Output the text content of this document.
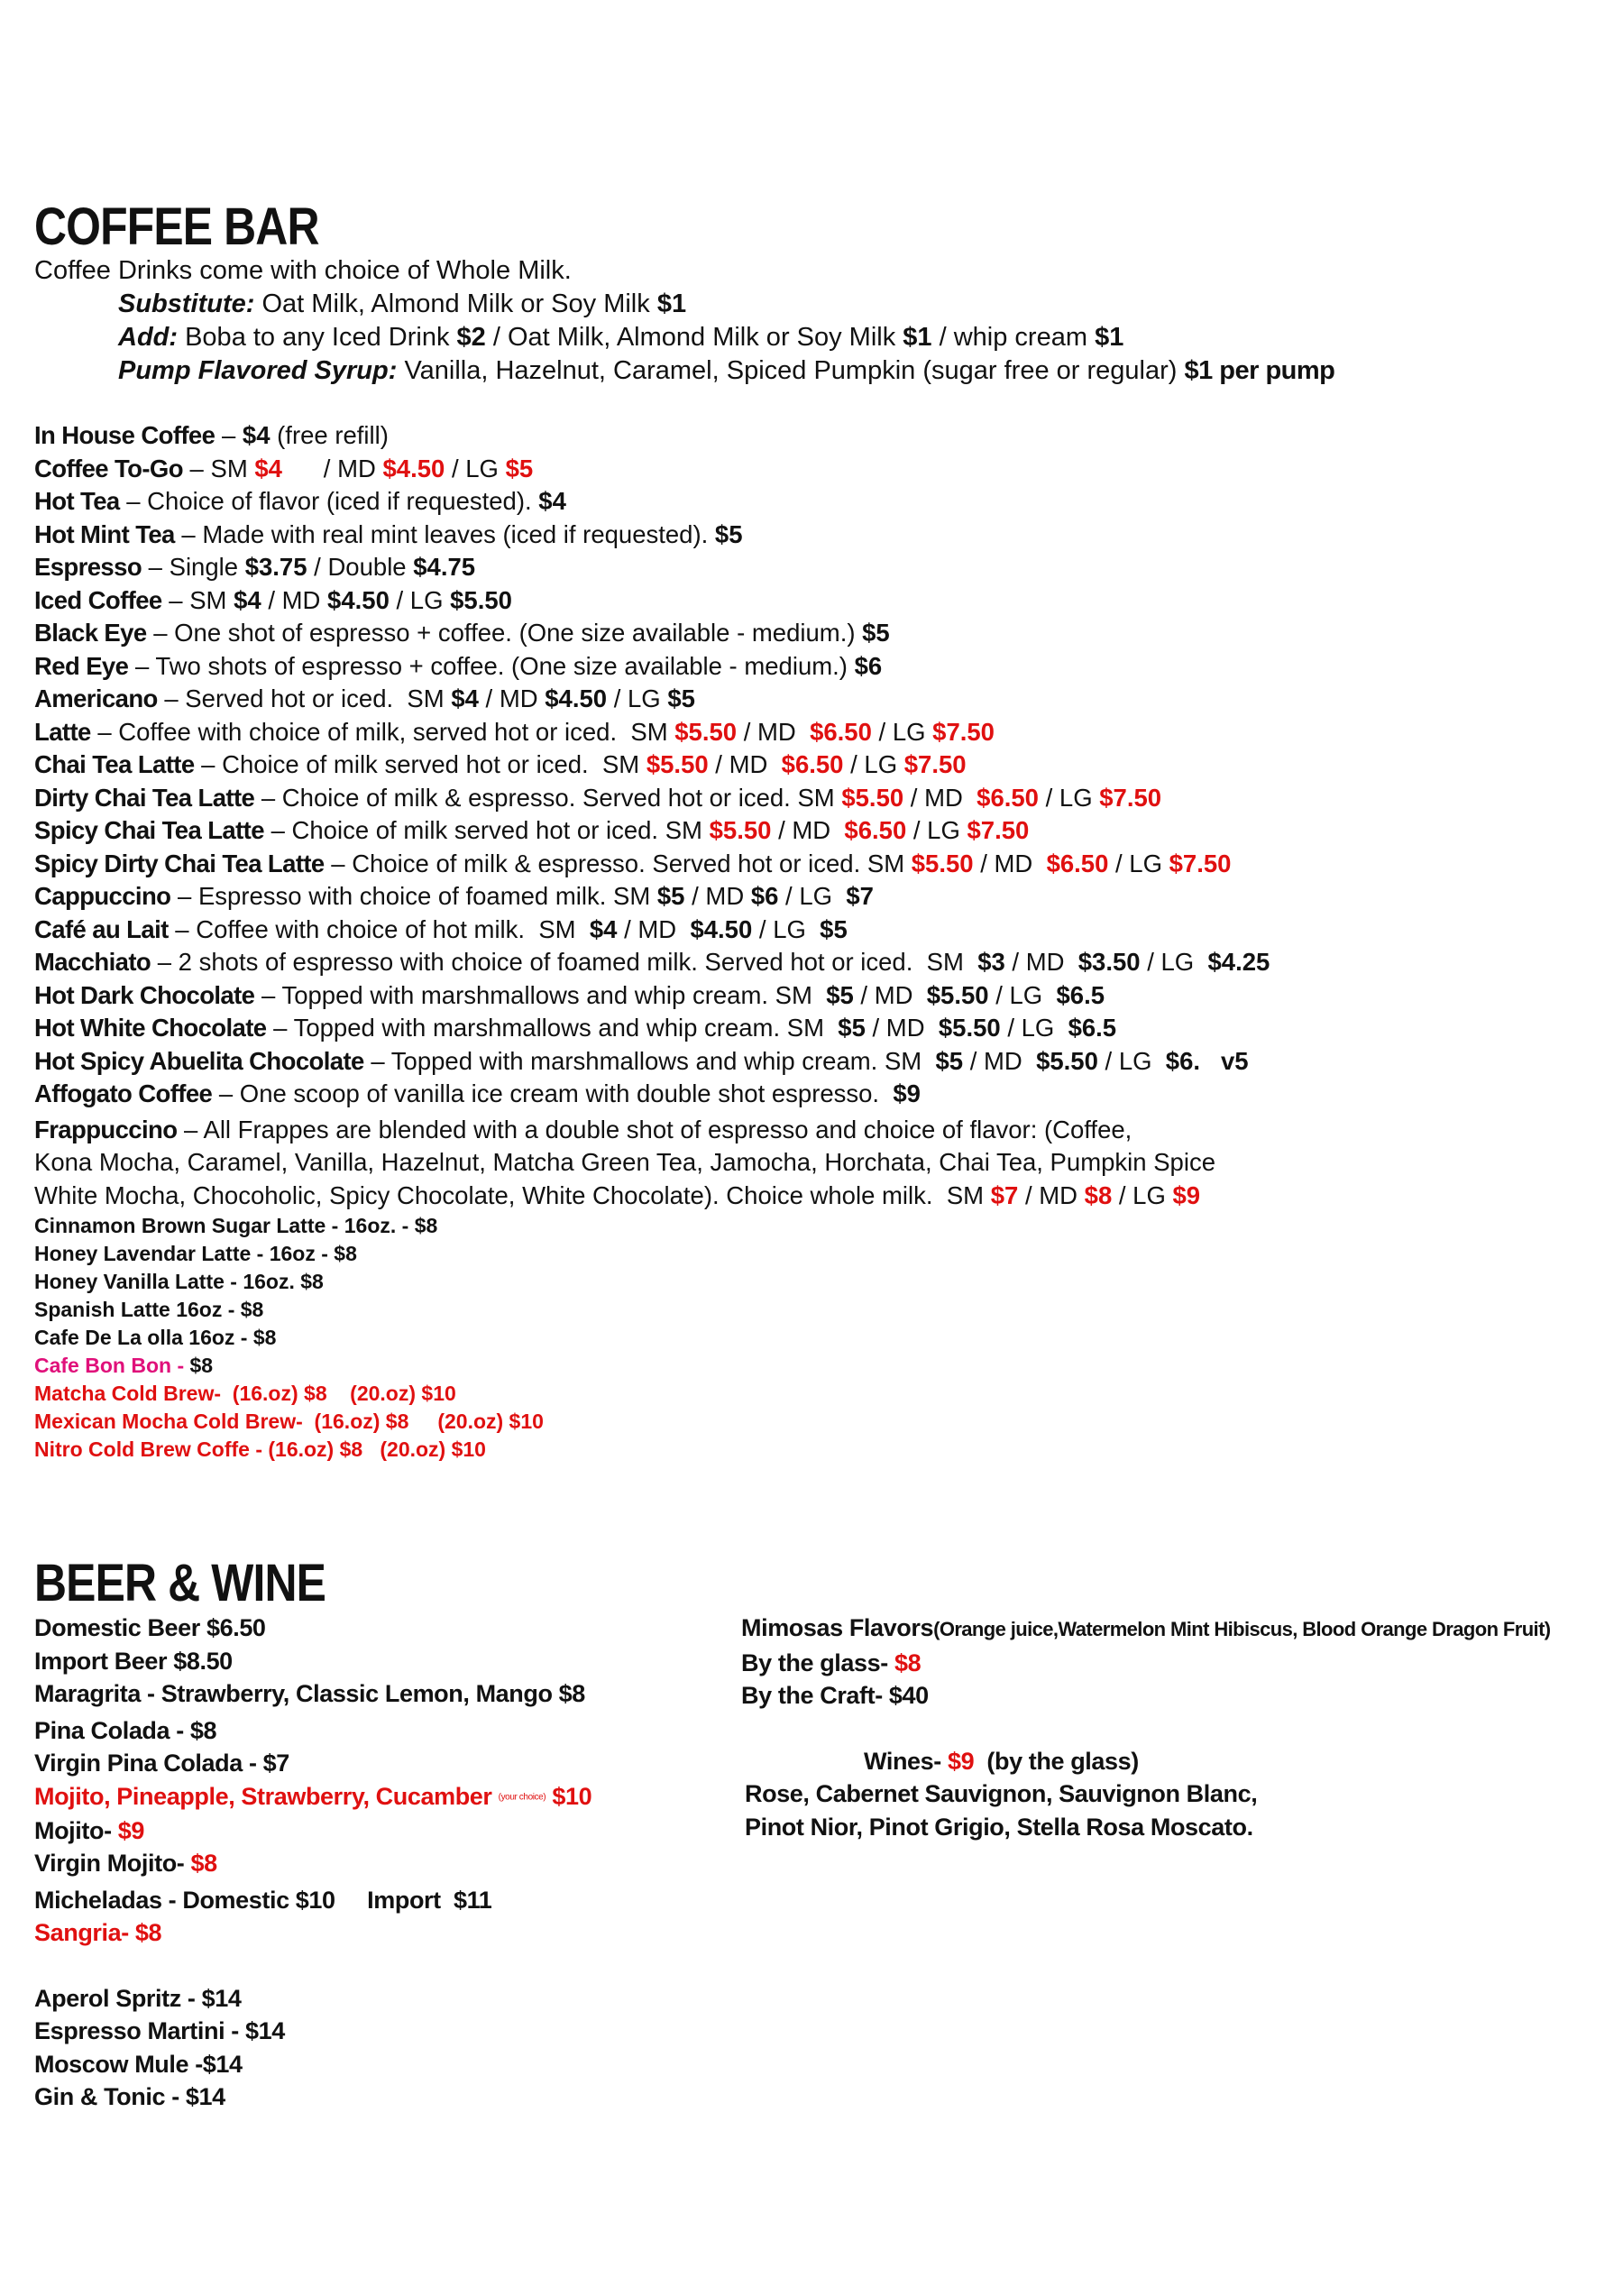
COFFEE BAR
Coffee Drinks come with choice of Whole Milk.
Substitute: Oat Milk, Almond Milk or Soy Milk $1
Add: Boba to any Iced Drink $2 / Oat Milk, Almond Milk or Soy Milk $1 / whip cream $1
Pump Flavored Syrup: Vanilla, Hazelnut, Caramel, Spiced Pumpkin (sugar free or regular) $1 per pump
In House Coffee – $4 (free refill)
Coffee To-Go – SM $4      / MD $4.50 / LG $5
Hot Tea – Choice of flavor (iced if requested). $4
Hot Mint Tea – Made with real mint leaves (iced if requested). $5
Espresso – Single $3.75 / Double $4.75
Iced Coffee – SM $4 / MD $4.50 / LG $5.50
Black Eye – One shot of espresso + coffee. (One size available - medium.) $5
Red Eye – Two shots of espresso + coffee. (One size available - medium.) $6
Americano – Served hot or iced.  SM $4 / MD $4.50 / LG $5
Latte – Coffee with choice of milk, served hot or iced.  SM $5.50 / MD  $6.50 / LG $7.50
Chai Tea Latte – Choice of milk served hot or iced.  SM $5.50 / MD  $6.50 / LG $7.50
Dirty Chai Tea Latte – Choice of milk & espresso. Served hot or iced. SM $5.50 / MD  $6.50 / LG $7.50
Spicy Chai Tea Latte – Choice of milk served hot or iced. SM $5.50 / MD  $6.50 / LG $7.50
Spicy Dirty Chai Tea Latte – Choice of milk & espresso. Served hot or iced. SM $5.50 / MD  $6.50 / LG $7.50
Cappuccino – Espresso with choice of foamed milk. SM $5 / MD $6 / LG  $7
Café au Lait – Coffee with choice of hot milk.  SM  $4 / MD  $4.50 / LG  $5
Macchiato – 2 shots of espresso with choice of foamed milk. Served hot or iced.  SM  $3 / MD  $3.50 / LG  $4.25
Hot Dark Chocolate – Topped with marshmallows and whip cream. SM  $5 / MD  $5.50 / LG  $6.5
Hot White Chocolate – Topped with marshmallows and whip cream. SM  $5 / MD  $5.50 / LG  $6.5
Hot Spicy Abuelita Chocolate – Topped with marshmallows and whip cream. SM  $5 / MD  $5.50 / LG  $6.   v5
Affogato Coffee – One scoop of vanilla ice cream with double shot espresso.  $9
Frappuccino – All Frappes are blended with a double shot of espresso and choice of flavor: (Coffee,
Kona Mocha, Caramel, Vanilla, Hazelnut, Matcha Green Tea, Jamocha, Horchata, Chai Tea, Pumpkin Spice
White Mocha, Chocoholic, Spicy Chocolate, White Chocolate). Choice whole milk.  SM $7 / MD $8 / LG $9
Cinnamon Brown Sugar Latte - 16oz. - $8
Honey Lavendar Latte - 16oz - $8
Honey Vanilla Latte - 16oz. $8
Spanish Latte 16oz - $8
Cafe De La olla 16oz - $8
Cafe Bon Bon - $8
Matcha Cold Brew-  (16.oz) $8    (20.oz) $10
Mexican Mocha Cold Brew-  (16.oz) $8     (20.oz) $10
Nitro Cold Brew Coffe - (16.oz) $8   (20.oz) $10
BEER & WINE
Domestic Beer $6.50
Import Beer $8.50
Maragrita - Strawberry, Classic Lemon, Mango $8
Pina Colada - $8
Virgin Pina Colada - $7
Mojito, Pineapple, Strawberry, Cucamber (your choice) $10
Mojito- $9
Virgin Mojito- $8
Micheladas - Domestic $10     Import  $11
Sangria- $8
Aperol Spritz - $14
Espresso Martini - $14
Moscow Mule -$14
Gin & Tonic - $14
Mimosas Flavors(Orange juice,Watermelon Mint Hibiscus, Blood Orange Dragon Fruit)
By the glass- $8
By the Craft- $40
Wines- $9  (by the glass)
Rose, Cabernet Sauvignon, Sauvignon Blanc,
Pinot Nior, Pinot Grigio, Stella Rosa Moscato.
